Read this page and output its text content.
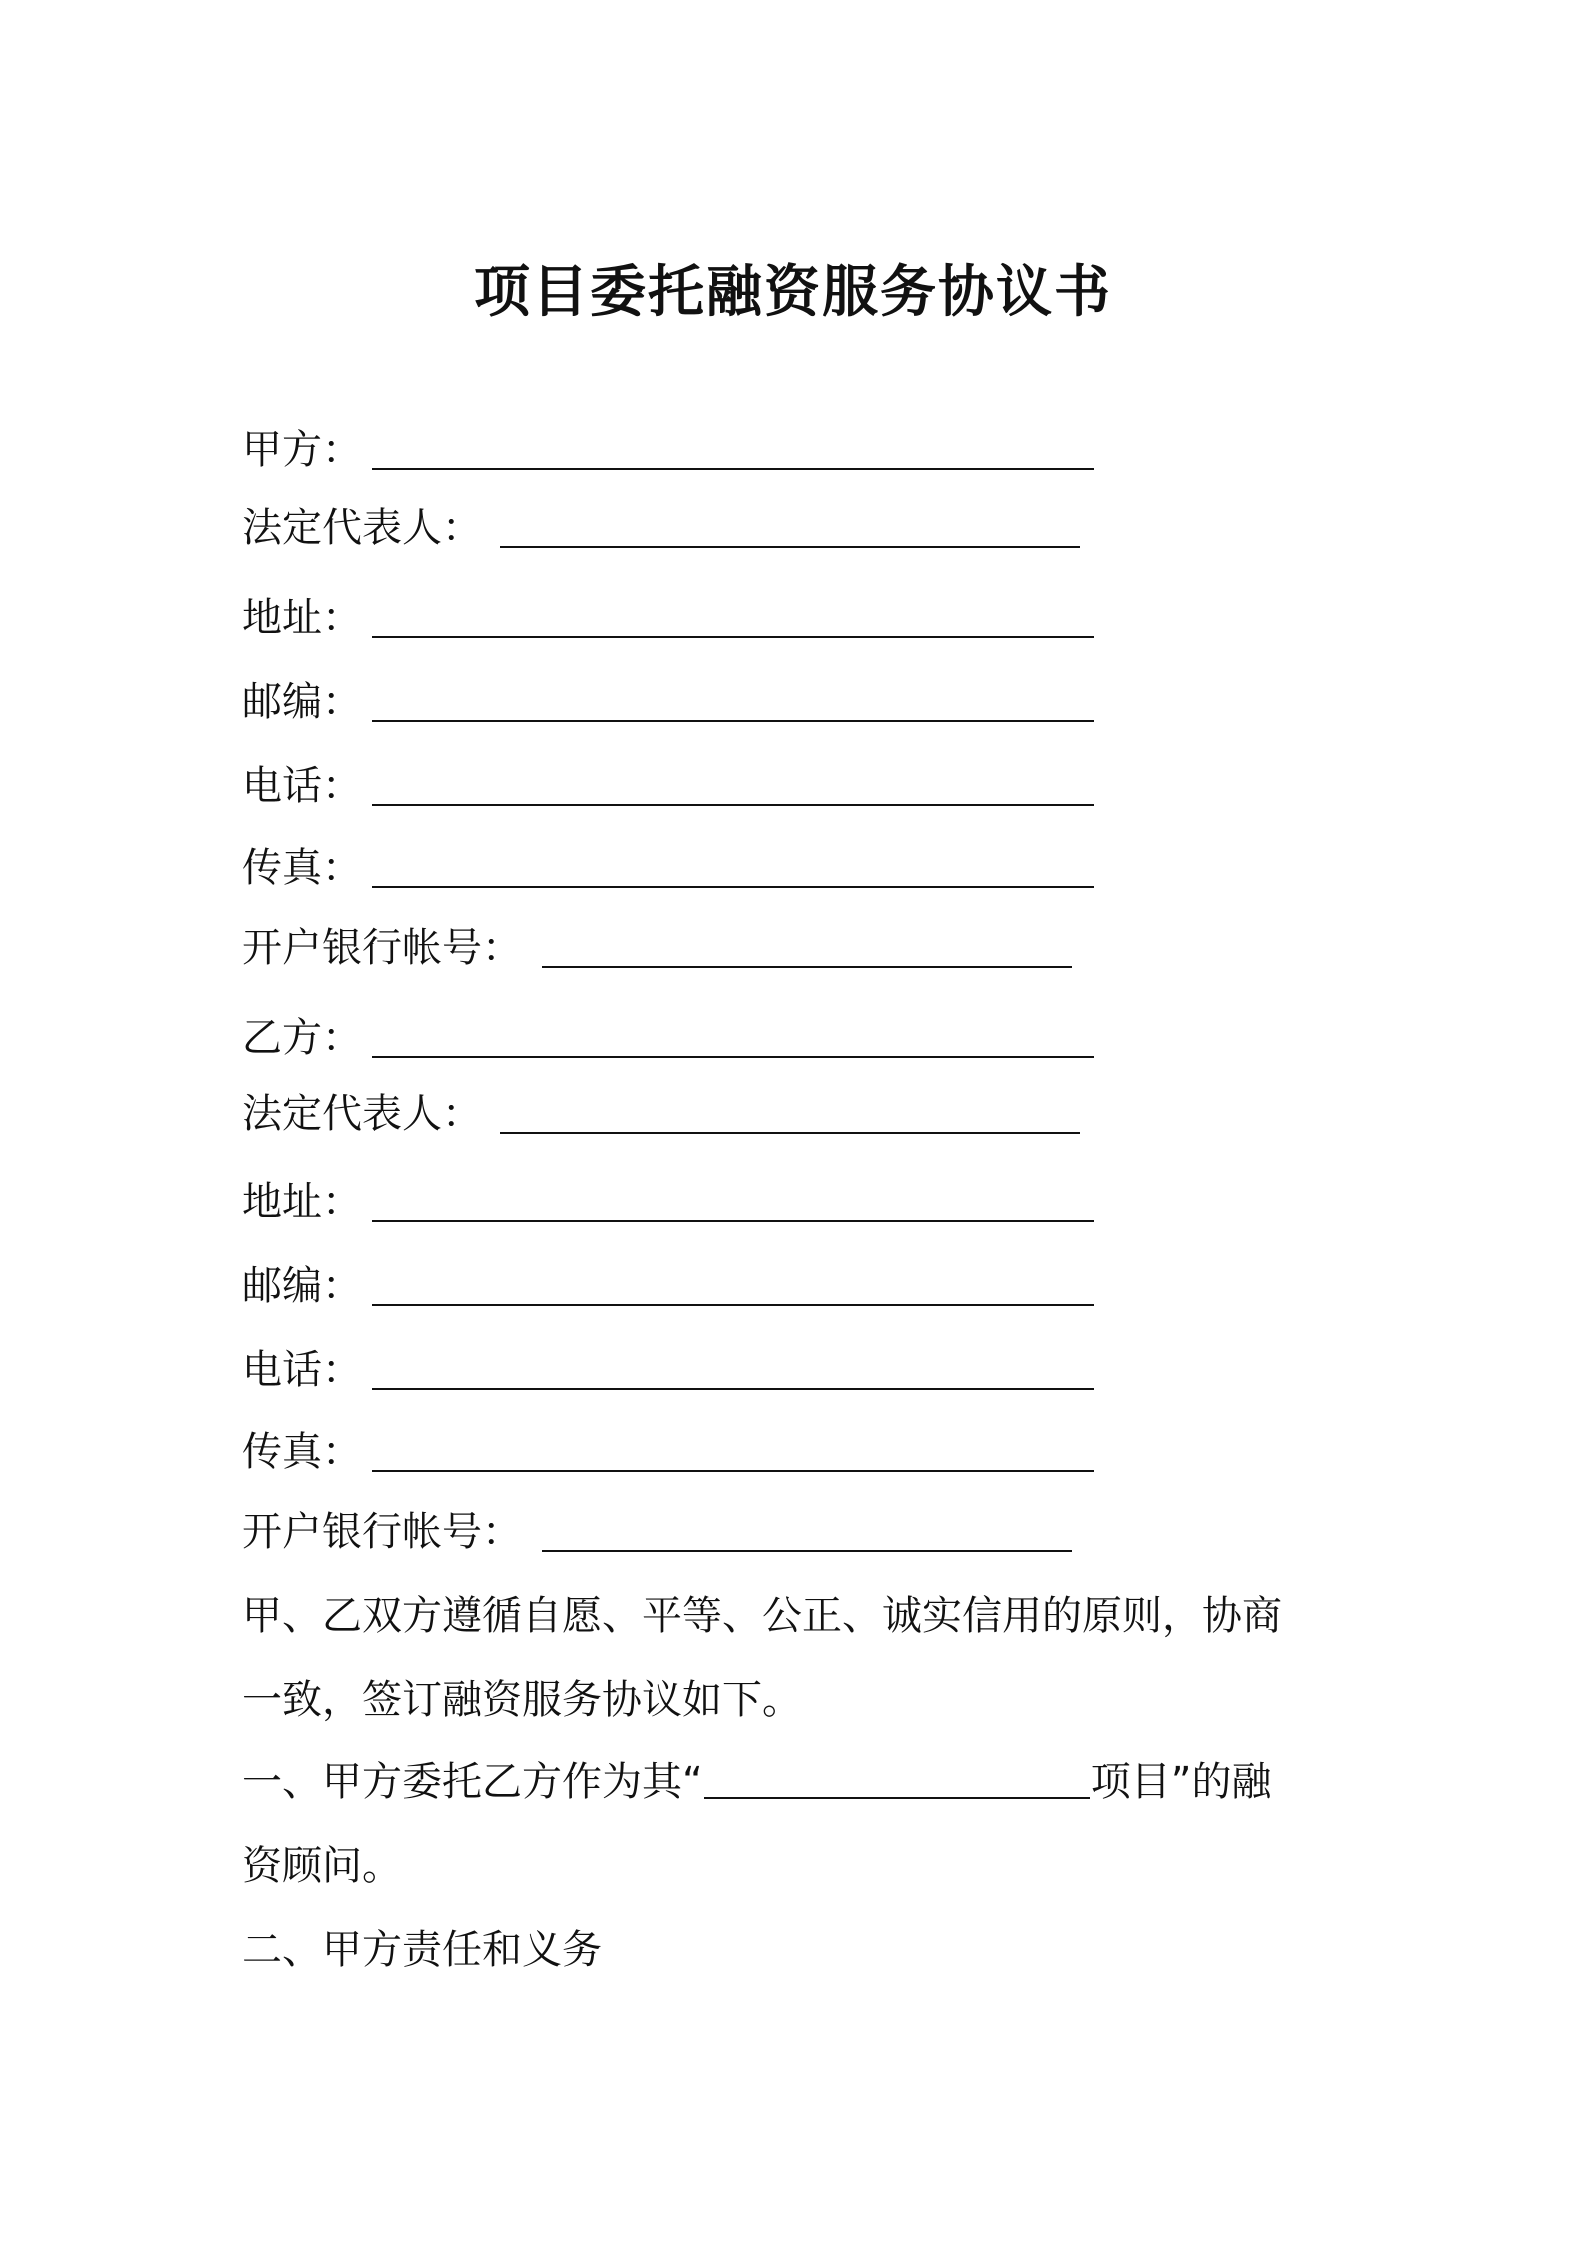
项目委托融资服务协议书
甲方：
法定代表人：
地址：
邮编：
电话：
传真：
开户银行帐号：
乙方：
法定代表人：
地址：
邮编：
电话：
传真：
开户银行帐号：
甲、乙双方遵循自愿、平等、公正、诚实信用的原则，协商
一致，签订融资服务协议如下。
一、甲方委托乙方作为其“	项目”的融
资顾问。
二、甲方责任和义务
